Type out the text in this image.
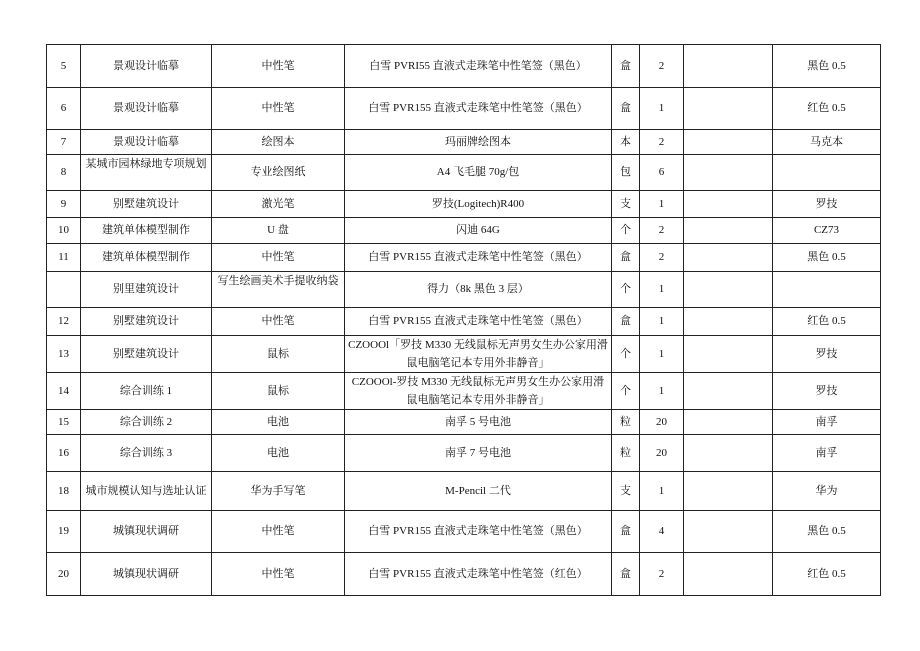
5	景观设计临摹	中性笔	白雪 PVRI55 直液式走珠笔中性笔签（黑色）	盒	2		黑色 0.5
6	景观设计临摹	中性笔	白雪 PVR155 直液式走珠笔中性笔签（黑色）	盒	1		红色 0.5
7	景观设计临摹	绘图本	玛丽牌绘图本	本	2		马克本
8	某城市园林绿地专项规划	专业绘图纸	A4 飞毛腿 70g/包	包	6		
9	别墅建筑设计	激光笔	罗技(Logitech)R400	支	1		罗技
10	建筑单体模型制作	U 盘	闪迪 64G	个	2		CZ73
11	建筑单体模型制作	中性笔	白雪 PVR155 直液式走珠笔中性笔签（黑色）	盒	2		黑色 0.5
	别里建筑设计	写生绘画美术手提收纳袋	得力（8k 黑色 3 层）	个	1		
12	别墅建筑设计	中性笔	白雪 PVR155 直液式走珠笔中性笔签（黑色）	盒	1		红色 0.5
13	别墅建筑设计	鼠标	CZOOOl「罗技 M330 无线鼠标无声男女生办公家用滑鼠电脑笔记本专用外非静音」	个	1		罗技
14	综合训练 1	鼠标	CZOOOl-罗技 M330 无线鼠标无声男女生办公家用滑鼠电脑笔记本专用外非静音」	个	1		罗技
15	综合训练 2	电池	南孚 5 号电池	粒	20		南孚
16	综合训练 3	电池	南孚 7 号电池	粒	20		南孚
18	城市规模认知与选址认证	华为手写笔	M-Pencil 二代	支	1		华为
19	城镇现状调研	中性笔	白雪 PVR155 直液式走珠笔中性笔签（黑色）	盒	4		黑色 0.5
20	城镇现状调研	中性笔	白雪 PVR155 直液式走珠笔中性笔签（红色）	盒	2		红色 0.5
